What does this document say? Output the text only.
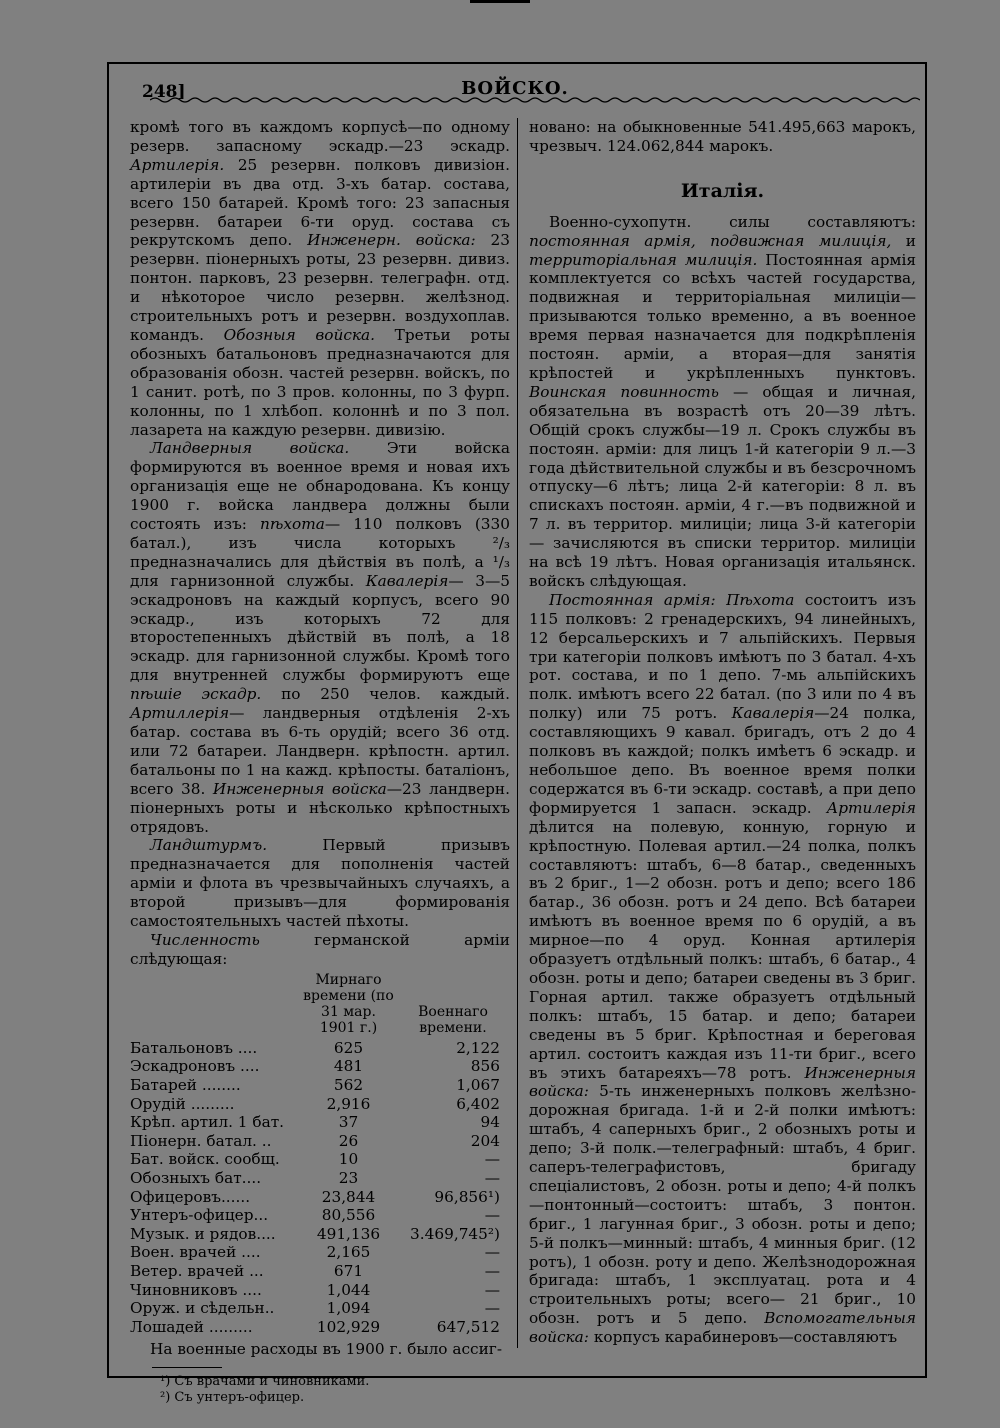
248]	ВОЙСКО.

кромѣ того въ каждомъ корпусѣ—по одному резерв. запасному эскадр.—23 эскадр. Артилерія. 25 резервн. полковъ дивизіон. артилеріи въ два отд. 3-хъ батар. состава, всего 150 батарей. Кромѣ того: 23 запасныя резервн. батареи 6-ти оруд. состава съ рекрутскомъ депо. Инженерн. войска: 23 резервн. піонерныхъ роты, 23 резервн. дивиз. понтон. парковъ, 23 резервн. телеграфн. отд. и нѣкоторое число резервн. желѣзнод. строительныхъ ротъ и резервн. воздухоплав. командъ. Обозныя войска. Третьи роты обозныхъ батальоновъ предназначаются для образованія обозн. частей резервн. войскъ, по 1 санит. ротѣ, по 3 пров. колонны, по 3 фурп. колонны, по 1 хлѣбоп. колоннѣ и по 3 пол. лазарета на каждую резервн. дивизію.

Ландверныя войска. Эти войска формируются въ военное время и новая ихъ организація еще не обнародована. Къ концу 1900 г. войска ландвера должны были состоять изъ: пѣхота— 110 полковъ (330 батал.), изъ числа которыхъ ²/₃ предназначались для дѣйствія въ полѣ, а ¹/₃ для гарнизонной службы. Кавалерія— 3—5 эскадроновъ на каждый корпусъ, всего 90 эскадр., изъ которыхъ 72 для второстепенныхъ дѣйствій въ полѣ, а 18 эскадр. для гарнизонной службы. Кромѣ того для внутренней службы формируютъ еще пѣшіе эскадр. по 250 челов. каждый. Артиллерія— ландверныя отдѣленія 2-хъ батар. состава въ 6-ть орудій; всего 36 отд. или 72 батареи. Ландверн. крѣпостн. артил. батальоны по 1 на кажд. крѣпосты. баталіонъ, всего 38. Инженерныя войска—23 ландверн. піонерныхъ роты и нѣсколько крѣпостныхъ отрядовъ.

Ландштурмъ.	Первый призывъ предназначается для пополненія частей арміи и флота въ чрезвычайныхъ случаяхъ, а второй призывъ—для формированія самостоятельныхъ частей пѣхоты.

Численность	германской арміи слѣдующая:

	Мирнаго времени (по 31 мар. 1901 г.)	Военнаго времени.
Батальоновъ ....	625	2,122
Эскадроновъ ....	481	856
Батарей ........	562	1,067
Орудій .........	2,916	6,402
Крѣп. артил. 1 бат.	37	94
Піонерн. батал. ..	26	204
Бат. войск. сообщ.	10	—
Обозныхъ бат....	23	—
Офицеровъ......	23,844	96,856¹)
Унтеръ-офицер...	80,556	—
Музык. и рядов....	491,136	3.469,745²)
Воен. врачей ....	2,165	—
Ветер. врачей ...	671	—
Чиновниковъ ....	1,044	—
Оруж. и сѣдельн..	1,094	—
Лошадей .........	102,929	647,512

На военные расходы въ 1900 г. было ассиг-

¹) Съ врачами и чиновниками.

²) Съ унтеръ-офицер.

новано: на обыкновенные 541.495,663 марокъ, чрезвыч. 124.062,844 марокъ.

Италія.

Военно-сухопутн. силы составляютъ: постоянная армія, подвижная милиція, и территоріальная милиція. Постоянная армія комплектуется со всѣхъ частей государства, подвижная и территоріальная милиціи—призываются только временно, а въ военное время первая назначается для подкрѣпленія постоян. арміи, а вторая—для занятія крѣпостей и укрѣпленныхъ пунктовъ. Воинская повинность — общая и личная, обязательна въ возрастѣ отъ 20—39 лѣтъ. Общій срокъ службы—19 л. Срокъ службы въ постоян. арміи: для лицъ 1-й категоріи 9 л.—3 года дѣйствительной службы и въ безсрочномъ отпуску—6 лѣтъ; лица 2-й категоріи: 8 л. въ спискахъ постоян. арміи, 4 г.—въ подвижной и 7 л. въ территор. милиціи; лица 3-й категоріи — зачисляются въ списки территор. милиціи на всѣ 19 лѣтъ. Новая организація итальянск. войскъ слѣдующая.

Постоянная армія: Пѣхота состоитъ изъ 115 полковъ: 2 гренадерскихъ, 94 линейныхъ, 12 берсальерскихъ и 7 альпійскихъ. Первыя три категоріи полковъ имѣютъ по 3 батал. 4-хъ рот. состава, и по 1 депо. 7-мь альпійскихъ полк. имѣютъ всего 22 батал. (по 3 или по 4 въ полку) или 75 ротъ. Кавалерія—24 полка, составляющихъ 9 кавал. бригадъ, отъ 2 до 4 полковъ въ каждой; полкъ имѣетъ 6 эскадр. и небольшое депо. Въ военное время полки содержатся въ 6-ти эскадр. составѣ, а при депо формируется 1 запасн. эскадр. Артилерія дѣлится на полевую, конную, горную и крѣпостную. Полевая артил.—24 полка, полкъ составляютъ: штабъ, 6—8 батар., сведенныхъ въ 2 бриг., 1—2 обозн. ротъ и депо; всего 186 батар., 36 обозн. ротъ и 24 депо. Всѣ батареи имѣютъ въ военное время по 6 орудій, а въ мирное—по 4 оруд. Конная артилерія образуетъ отдѣльный полкъ: штабъ, 6 батар., 4 обозн. роты и депо; батареи сведены въ 3 бриг. Горная артил. также образуетъ отдѣльный полкъ: штабъ, 15 батар. и депо; батареи сведены въ 5 бриг. Крѣпостная и береговая артил. состоитъ каждая изъ 11-ти бриг., всего въ этихъ батареяхъ—78 ротъ. Инженерныя войска: 5-ть инженерныхъ полковъ желѣзно-дорожная бригада. 1-й и 2-й полки имѣютъ: штабъ, 4 саперныхъ бриг., 2 обозныхъ роты и депо; 3-й полк.—телеграфный: штабъ, 4 бриг. саперъ-телеграфистовъ, бригаду спеціалистовъ, 2 обозн. роты и депо; 4-й полкъ—понтонный—состоитъ: штабъ, 3 понтон. бриг., 1 лагунная бриг., 3 обозн. роты и депо; 5-й полкъ—минный: штабъ, 4 минныя бриг. (12 ротъ), 1 обозн. роту и депо. Желѣзнодорожная бригада: штабъ, 1 эксплуатац. рота и 4 строительныхъ роты; всего— 21 бриг., 10 обозн. ротъ и 5 депо. Вспомогательныя войска: корпусъ карабинеровъ—составляютъ
